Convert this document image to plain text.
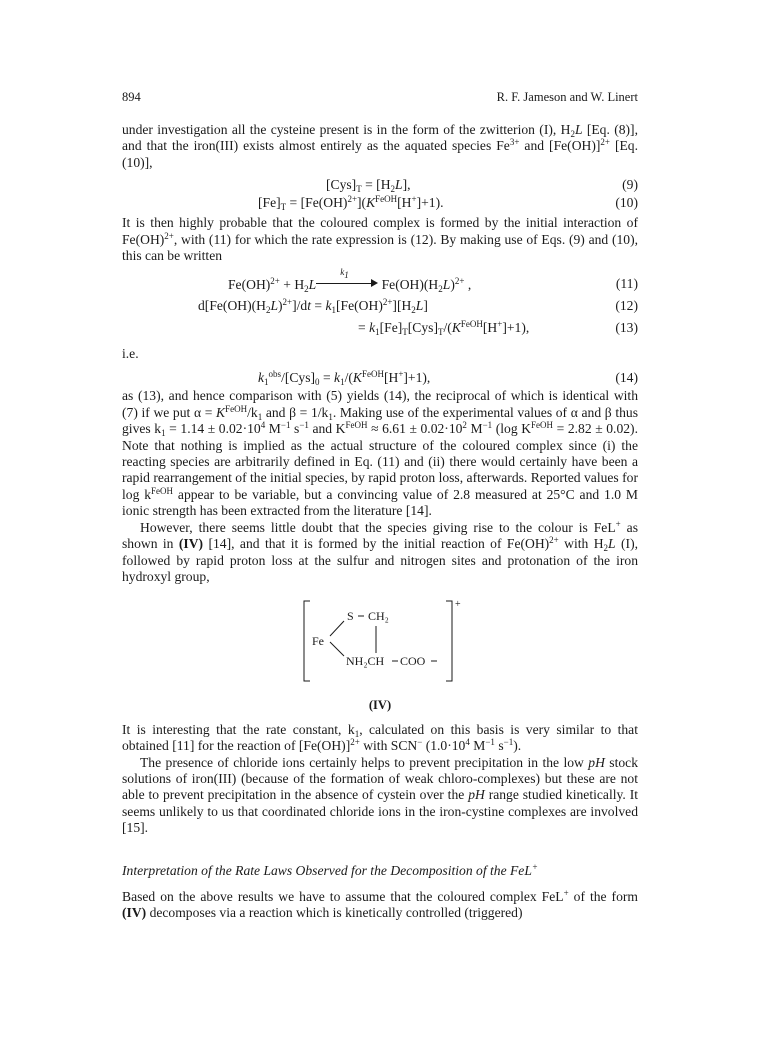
894	R. F. Jameson and W. Linert

under investigation all the cysteine present is in the form of the zwitterion (I), $H_2L$ [Eq. (8)], and that the iron(III) exists almost entirely as the aquated species $Fe^{3+}$ and $[Fe(OH)]^{2+}$ [Eq. (10)],

$[Cys]_T = [H_2L]$,	(9)
$[Fe]_T = [Fe(OH)^{2+}](K^{FeOH}[H^+]+1)$.	(10)

It is then highly probable that the coloured complex is formed by the initial interaction of Fe(OH)$^{2+}$, with (11) for which the rate expression is (12). By making use of Eqs. (9) and (10), this can be written

$Fe(OH)^{2+} + H_2L$
$k_1$
$Fe(OH)(H_2L)^{2+}$ ,	(11)
$d[Fe(OH)(H_2L)^{2+}]/dt = k_1[Fe(OH)^{2+}][H_2L]$	(12)
= $k_1[Fe]_T[Cys]_T/(K^{FeOH}[H^+]+1)$,	(13)
i.e.
$k_1^{obs}/[Cys]_0 = k_1/(K^{FeOH}[H^+]+1)$,	(14)

as (13), and hence comparison with (5) yields (14), the reciprocal of which is identical with (7) if we put $\alpha = K^{FeOH}/k_1$ and $\beta = 1/k_1$. Making use of the experimental values of α and β thus gives $k_1 = 1.14 \pm 0.02\cdot 10^4$ $M^{-1}$ $s^{-1}$ and $K^{FeOH} \approx 6.61 \pm 0.02\cdot 10^2$ $M^{-1}$ (log $K^{FeOH} = 2.82 \pm 0.02$). Note that nothing is implied as the actual structure of the coloured complex since (i) the reacting species are arbitrarily defined in Eq. (11) and (ii) there would certainly have been a rapid rearrangement of the initial species, by rapid proton loss, afterwards. Reported values for $\log k^{FeOH}$ appear to be variable, but a convincing value of 2.8 measured at 25°C and 1.0 M ionic strength has been extracted from the literature [14].

However, there seems little doubt that the species giving rise to the colour is FeL+ as shown in (IV) [14], and that it is formed by the initial reaction of Fe(OH)$^{2+}$ with $H_2L$ (I), followed by rapid proton loss at the sulfur and nitrogen sites and protonation of the iron hydroxyl group,

+
Fe
S CH₂
NH₂CH COO
(IV)

It is interesting that the rate constant, $k_1$, calculated on this basis is very similar to that obtained [11] for the reaction of $[Fe(OH)]^{2+}$ with SCN− ($1.0\cdot 10^4$ $M^{-1}$ $s^{-1}$).

The presence of chloride ions certainly helps to prevent precipitation in the low pH stock solutions of iron(III) (because of the formation of weak chloro-complexes) but these are not able to prevent precipitation in the absence of cystein over the pH range studied kinetically. It seems unlikely to us that coordinated chloride ions in the iron-cystine complexes are involved [15].

Interpretation of the Rate Laws Observed for the Decomposition of the FeL+

Based on the above results we have to assume that the coloured complex FeL+ of the form (IV) decomposes via a reaction which is kinetically controlled (triggered)
